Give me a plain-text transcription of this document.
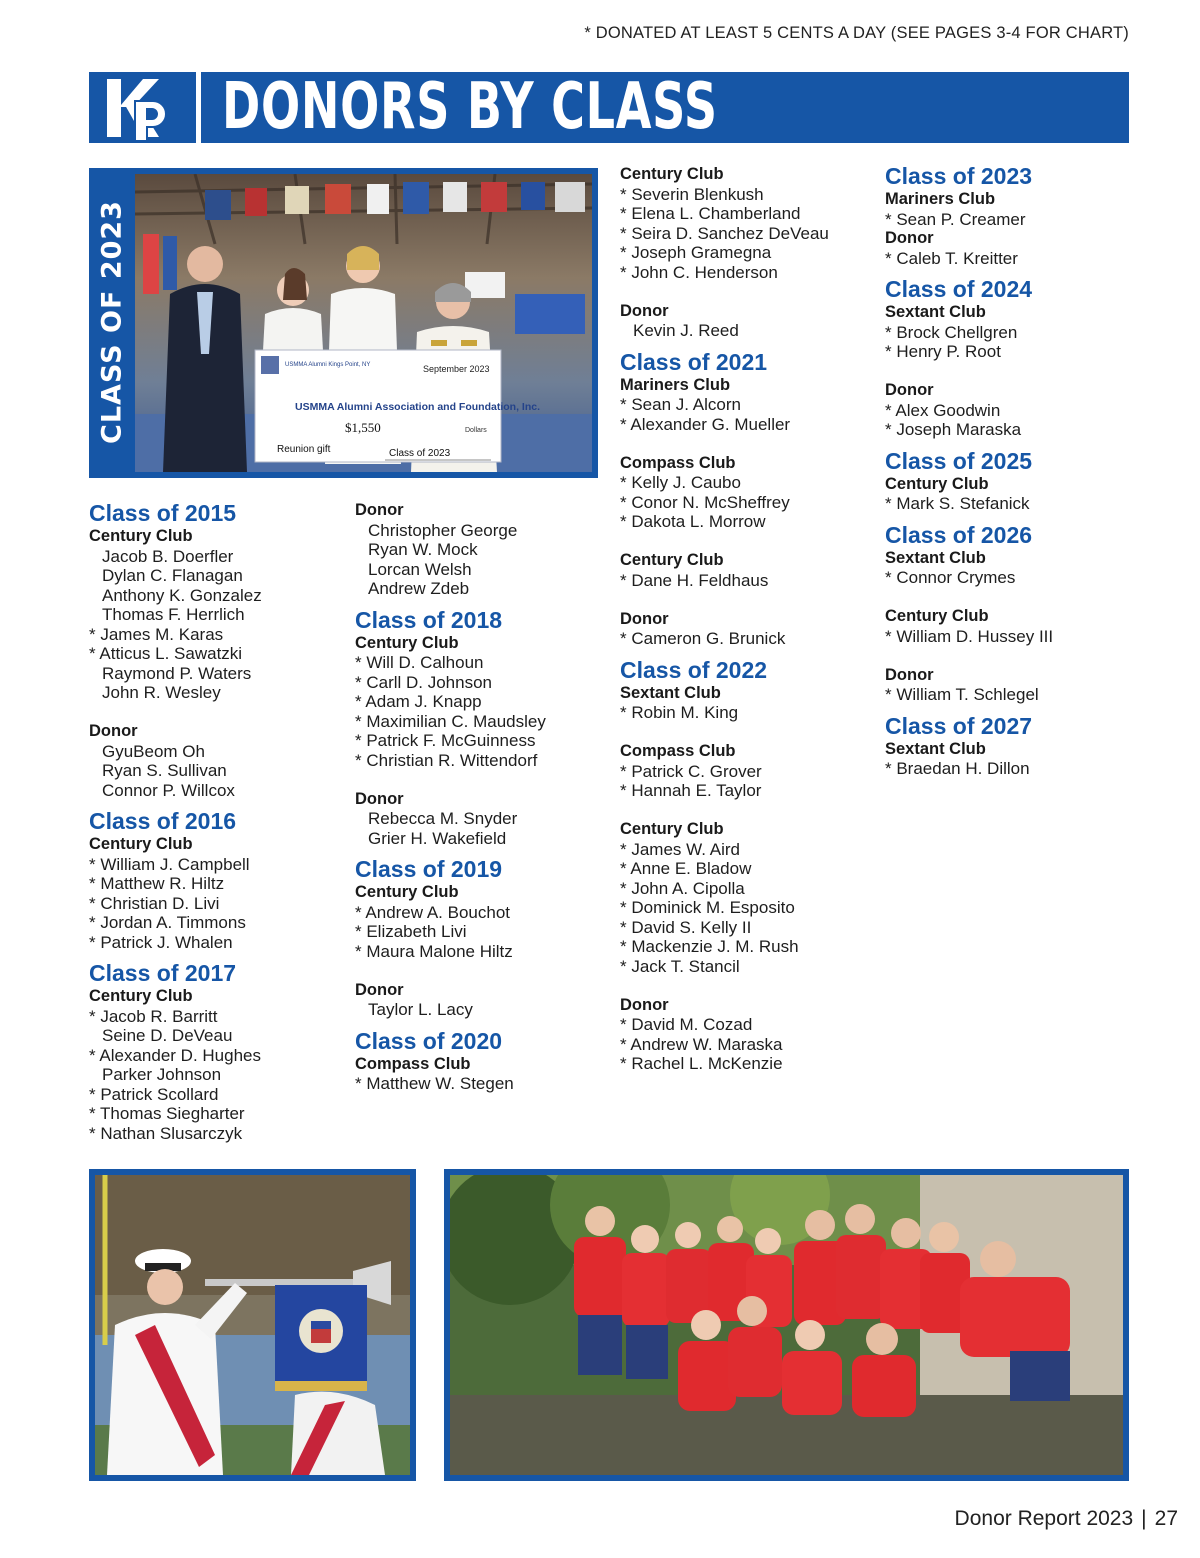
* DONATED AT LEAST 5 CENTS A DAY (SEE PAGES 3-4 FOR CHART)
DONORS BY CLASS
CLASS OF 2023	USMMA Alumni Kings Point, NY	September 2023
USMMA Alumni Association and Foundation, Inc.
$1,550	Dollars
Reunion gift	Class of 2023
Class of 2015
Century Club
Jacob B. Doerfler
Dylan C. Flanagan
Anthony K. Gonzalez
Thomas F. Herrlich
* James M. Karas
* Atticus L. Sawatzki
Raymond P. Waters
John R. Wesley
Donor
GyuBeom Oh
Ryan S. Sullivan
Connor P. Willcox
Class of 2016
Century Club
* William J. Campbell
* Matthew R. Hiltz
* Christian D. Livi
* Jordan A. Timmons
* Patrick J. Whalen
Class of 2017
Century Club
* Jacob R. Barritt
Seine D. DeVeau
* Alexander D. Hughes
Parker Johnson
* Patrick Scollard
* Thomas Siegharter
* Nathan Slusarczyk
Donor
Christopher George
Ryan W. Mock
Lorcan Welsh
Andrew Zdeb
Class of 2018
Century Club
* Will D. Calhoun
* Carll D. Johnson
* Adam J. Knapp
* Maximilian C. Maudsley
* Patrick F. McGuinness
* Christian R. Wittendorf
Donor
Rebecca M. Snyder
Grier H. Wakefield
Class of 2019
Century Club
* Andrew A. Bouchot
* Elizabeth Livi
* Maura Malone Hiltz
Donor
Taylor L. Lacy
Class of 2020
Compass Club
* Matthew W. Stegen
Century Club
* Severin Blenkush
* Elena L. Chamberland
* Seira D. Sanchez DeVeau
* Joseph Gramegna
* John C. Henderson
Donor
Kevin J. Reed
Class of 2021
Mariners Club
* Sean J. Alcorn
* Alexander G. Mueller
Compass Club
* Kelly J. Caubo
* Conor N. McSheffrey
* Dakota L. Morrow
Century Club
* Dane H. Feldhaus
Donor
* Cameron G. Brunick
Class of 2022
Sextant Club
* Robin M. King
Compass Club
* Patrick C. Grover
* Hannah E. Taylor
Century Club
* James W. Aird
* Anne E. Bladow
* John A. Cipolla
* Dominick M. Esposito
* David S. Kelly II
* Mackenzie J. M. Rush
* Jack T. Stancil
Donor
* David M. Cozad
* Andrew W. Maraska
* Rachel L. McKenzie
Class of 2023
Mariners Club
* Sean P. Creamer
Donor
* Caleb T. Kreitter
Class of 2024
Sextant Club
* Brock Chellgren
* Henry P. Root
Donor
* Alex Goodwin
* Joseph Maraska
Class of 2025
Century Club
* Mark S. Stefanick
Class of 2026
Sextant Club
* Connor Crymes
Century Club
* William D. Hussey III
Donor
* William T. Schlegel
Class of 2027
Sextant Club
* Braedan H. Dillon
Donor Report 2023 | 27
